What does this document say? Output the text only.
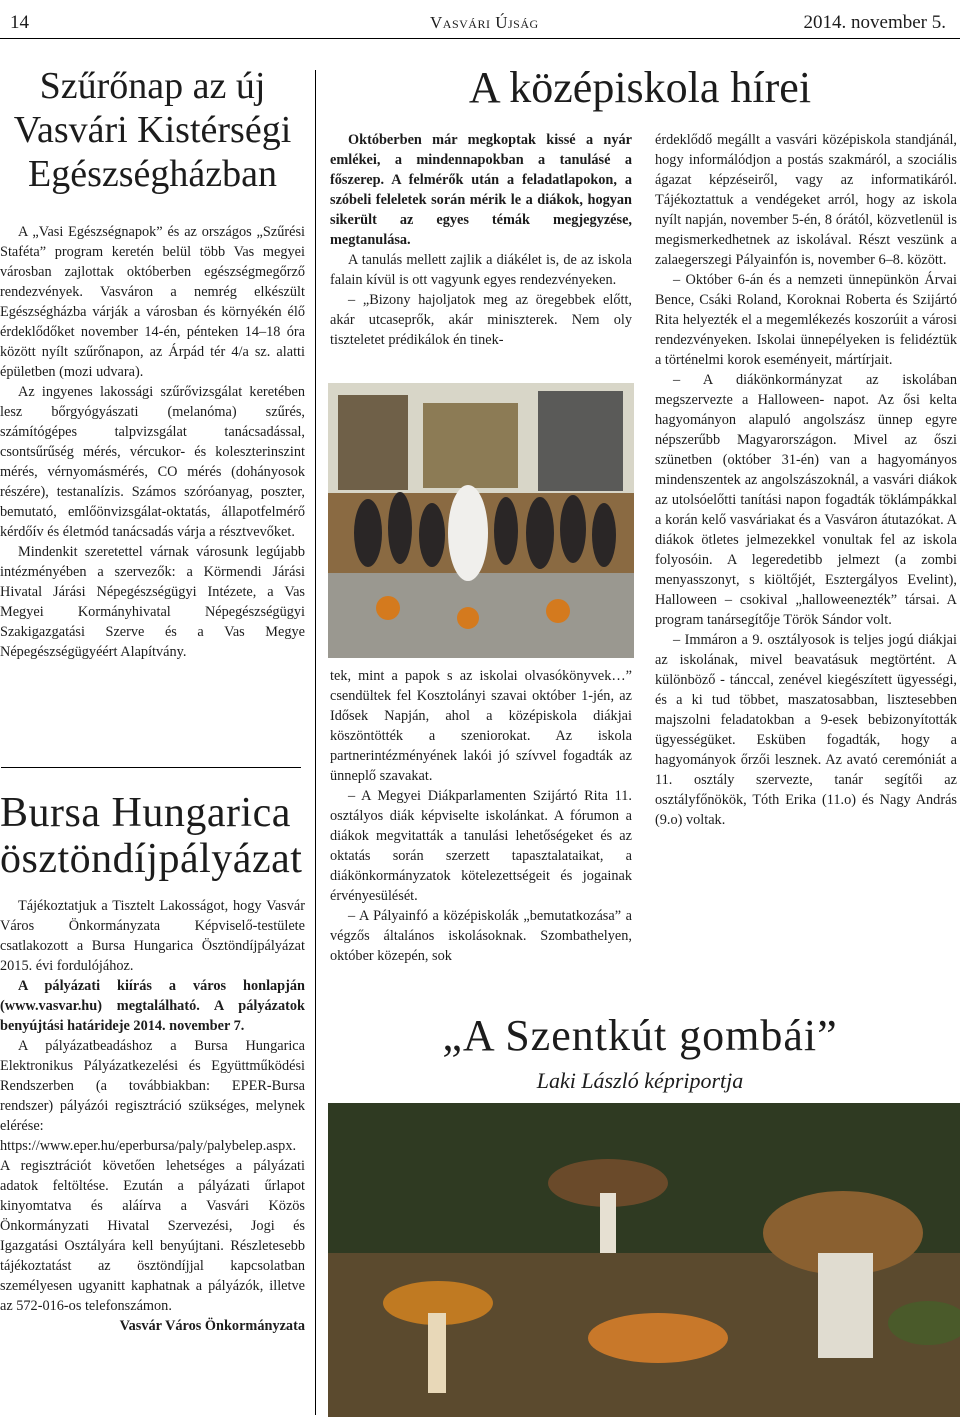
14	Vasvári Újság	2014. november 5.
Szűrőnap az új
Vasvári Kistérségi
Egészségházban

A „Vasi Egészségnapok” és az országos „Szűrési Staféta” program keretén belül több Vas megyei városban zajlottak októberben egészségmegőrző rendezvények. Vasváron a nemrég elkészült Egészségházba várják a városban és környékén élő érdeklődőket november 14-én, pénteken 14–18 óra között nyílt szűrőnapon, az Árpád tér 4/a sz. alatti épületben (mozi udvara).

Az ingyenes lakossági szűrővizsgálat keretében lesz bőrgyógyászati (melanóma) szűrés, számítógépes talpvizsgálat tanácsadással, csontsűrűség mérés, vércukor- és koleszterinszint mérés, vérnyomásmérés, CO mérés (dohányosok részére), testanalízis. Számos szóróanyag, poszter, bemutató, emlőönvizsgálat-oktatás, állapotfelmérő kérdőív és életmód tanácsadás várja a résztvevőket.

Mindenkit szeretettel várnak városunk legújabb intézményében a szervezők: a Körmendi Járási Hivatal Járási Népegészségügyi Intézete, a Vas Megyei Kormányhivatal Népegészségügyi Szakigazgatási Szerve és a Vas Megye Népegészségügyéért Alapítvány.

Bursa Hungarica
ösztöndíjpályázat

Tájékoztatjuk a Tisztelt Lakosságot, hogy Vasvár Város Önkormányzata Képviselő-testülete csatlakozott a Bursa Hungarica Ösztöndíjpályázat 2015. évi fordulójához.

A pályázati kiírás a város honlapján (www.vasvar.hu) megtalálható. A pályázatok benyújtási határideje 2014. november 7.

A pályázatbeadáshoz a Bursa Hungarica Elektronikus Pályázatkezelési és Együttműködési Rendszerben (a továbbiakban: EPER-Bursa rendszer) pályázói regisztráció szükséges, melynek elérése: https://www.eper.hu/eperbursa/paly/palybelep.aspx. A regisztrációt követően lehetséges a pályázati adatok feltöltése. Ezután a pályázati űrlapot kinyomtatva és aláírva a Vasvári Közös Önkormányzati Hivatal Szervezési, Jogi és Igazgatási Osztályára kell benyújtani. Részletesebb tájékoztatást az ösztöndíjjal kapcsolatban személyesen ugyanitt kaphatnak a pályázók, illetve az 572-016-os telefonszámon.

Vasvár Város Önkormányzata
A középiskola hírei

Októberben már megkoptak kissé a nyár emlékei, a mindennapokban a tanulásé a főszerep. A felmérők után a feladatlapokon, a szóbeli feleletek során mérik le a diákok, hogyan sikerült az egyes témák megjegyzése, megtanulása.

A tanulás mellett zajlik a diákélet is, de az iskola falain kívül is ott vagyunk egyes rendezvényeken.

– „Bizony hajoljatok meg az öregebbek előtt, akár utcaseprők, akár miniszterek. Nem oly tiszteletet prédikálok én tinek-

tek, mint a papok s az iskolai olvasókönyvek…” csendültek fel Kosztolányi szavai október 1-jén, az Idősek Napján, ahol a középiskola diákjai köszöntötték a szeniorokat. Az iskola partnerintézményének lakói jó szívvel fogadták az ünneplő szavakat.

– A Megyei Diákparlamenten Szijártó Rita 11. osztályos diák képviselte iskolánkat. A fórumon a diákok megvitatták a tanulási lehetőségeket és az oktatás során szerzett tapasztalataikat, a diákönkormányzatok kötelezettségeit és jogainak érvényesülését.

– A Pályainfó a középiskolák „bemutatkozása” a végzős általános iskolásoknak. Szombathelyen, október közepén, sok

érdeklődő megállt a vasvári középiskola standjánál, hogy informálódjon a postás szakmáról, a szociális ágazat képzéseiről, vagy az informatikáról. Tájékoztattuk a vendégeket arról, hogy az iskola nyílt napján, november 5-én, 8 órától, közvetlenül is megismerkedhetnek az iskolával. Részt veszünk a zalaegerszegi Pályainfón is, november 6–8. között.

– Október 6-án és a nemzeti ünnepünkön Árvai Bence, Csáki Roland, Koroknai Roberta és Szijártó Rita helyezték el a megemlékezés koszorúit a városi rendezvényeken. Iskolai ünnepélyeken is felidéztük a történelmi korok eseményeit, mártírjait.

– A diákönkormányzat az iskolában megszervezte a Halloween- napot. Az ősi kelta hagyományon alapuló angolszász ünnep egyre népszerűbb Magyarországon. Mivel az őszi szünetben (október 31-én) van a hagyományos mindenszentek az angolszászoknál, a vasvári diákok az utolsóelőtti tanítási napon fogadták töklámpákkal a korán kelő vasváriakat és a Vasváron átutazókat. A diákok ötletes jelmezekkel vonultak fel az iskola folyosóin. A legeredetibb jelmezt (a zombi menyasszonyt, s kiöltőjét, Esztergályos Evelint), Halloween – csokival „halloweenezték” társai. A program tanársegítője Török Sándor volt.

– Immáron a 9. osztályosok is teljes jogú diákjai az iskolának, mivel beavatásuk megtörtént. A különböző - tánccal, zenével kiegészített ügyességi, és a ki tud többet, maszatosabban, lisztesebben majszolni feladatokban a 9-esek bebizonyították ügyességüket. Esküben fogadták, hogy a hagyományok őrzői lesznek. Az avató ceremóniát a 11. osztály szervezte, tanár segítői az osztályfőnökök, Tóth Erika (11.o) és Nagy András (9.o) voltak.

„A Szentkút gombái”
Laki László képriportja
